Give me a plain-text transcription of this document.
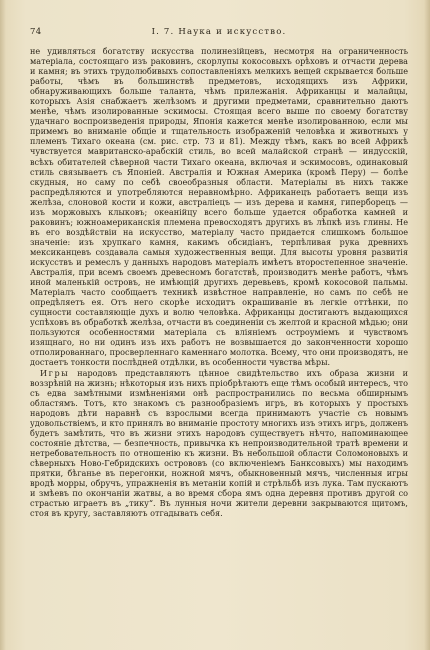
74	I. 7. Наука и искусство.

не удивляться богатству искусства полинезійцевъ, несмотря на ограниченность матеріала, состоящаго изъ раковинъ, скорлупы кокосовыхъ орѣховъ и отчасти дерева и камня; въ этихъ трудолюбивыхъ сопоставленіяхъ мелкихъ вещей скрывается больше работы, чѣмъ въ большинствѣ предметовъ, исходящихъ изъ Африки, обнаруживающихъ больше таланта, чѣмъ прилежанія. Африканцы и малайцы, которыхъ Азія снабжаетъ желѣзомъ и другими предметами, сравнительно даютъ менѣе, чѣмъ изолированные эскимосы. Стоящая всего выше по своему богатству удачнаго воспроизведенія природы, Японія кажется менѣе изолированною, если мы примемъ во вниманіе общіе и тщательность изображеній человѣка и животныхъ у племенъ Тихаго океана (см. рис. стр. 73 и 81). Между тѣмъ, какъ во всей Африкѣ чувствуется мавританско-арабскій стиль, во всей малайской странѣ — индусскій, всѣхъ обитателей сѣверной части Тихаго океана, включая и эскимосовъ, одинаковый стиль связываетъ съ Японіей. Австралія и Южная Америка (кромѣ Перу) — болѣе скудныя, но саму по себѣ своеобразныя области. Матеріалы въ нихъ также распредѣляются и употребляются неравномѣрно. Африканецъ работаетъ вещи изъ желѣза, слоновой кости и кожи, австраліецъ — изъ дерева и камня, гиперборецъ — изъ моржовыхъ клыковъ; океанійцу всего больше удается обработка камней и раковинъ; южноамериканскія племена превосходятъ другихъ въ лѣпкѣ изъ глины. Не въ его воздѣйствіи на искусство, матеріалу часто придается слишкомъ большое значеніе: изъ хрупкаго камня, какимъ обсидіанъ, терпѣливая рука древнихъ мексиканцевъ создавала самыя художественныя вещи. Для высоты уровня развитія искусствъ и ремеслъ у данныхъ народовъ матеріалъ имѣетъ второстепенное значеніе. Австралія, при всемъ своемъ древесномъ богатствѣ, производитъ менѣе работъ, чѣмъ иной маленькій островъ, не имѣющій другихъ деревьевъ, кромѣ кокосовой пальмы. Матеріалъ часто сообщаетъ техникѣ извѣстное направленіе, но самъ по себѣ не опредѣляетъ ея. Отъ него скорѣе исходитъ окрашиваніе въ легкіе оттѣнки, по сущности составляющіе духъ и волю человѣка. Африканцы достигаютъ выдающихся успѣховъ въ обработкѣ желѣза, отчасти въ соединеніи съ желтой и красной мѣдью; они пользуются особенностями матеріала съ вліяніемъ остроуміемъ и чувствомъ изящнаго, но ни одинъ изъ ихъ работъ не возвышается до законченности хорошо отполированнаго, просверленнаго каменнаго молотка. Всему, что они производятъ, не достаетъ тонкости послѣдней отдѣлки, въ особенности чувства мѣры.

Игры народовъ представляютъ цѣнное свидѣтельство ихъ образа жизни и воззрѣній на жизнь; нѣкоторыя изъ нихъ пріобрѣтаютъ еще тѣмъ особый интересъ, что съ едва замѣтными измѣненіями онѣ распространились по весьма обширнымъ областямъ. Тотъ, кто знакомъ съ разнообразіемъ игръ, въ которыхъ у простыхъ народовъ дѣти наравнѣ съ взрослыми всегда принимаютъ участіе съ новымъ удовольствіемъ, и кто принялъ во вниманіе простоту многихъ изъ этихъ игръ, долженъ будетъ замѣтить, что въ жизни этихъ народовъ существуетъ нѣчто, напоминающее состояніе дѣтства, — безпечность, привычка къ непроизводительной тратѣ времени и нетребовательность по отношенію къ жизни. Въ небольшой области Соломоновыхъ и сѣверныхъ Ново-Гебридскихъ острововъ (со включеніемъ Банксовыхъ) мы находимъ прятки, бѣганье въ перегонки, ножной мячъ, обыкновенный мячъ, численныя игры вродѣ морры, обручъ, упражненія въ метаніи копій и стрѣльбѣ изъ лука. Там пускаютъ и змѣевъ по окончаніи жатвы, а во время сбора ямъ одна деревня противъ другой со страстью играетъ въ „тику“. Въ лунныя ночи жители деревни закрываются щитомъ, стоя въ кругу, заставляютъ отгадывать себя.
